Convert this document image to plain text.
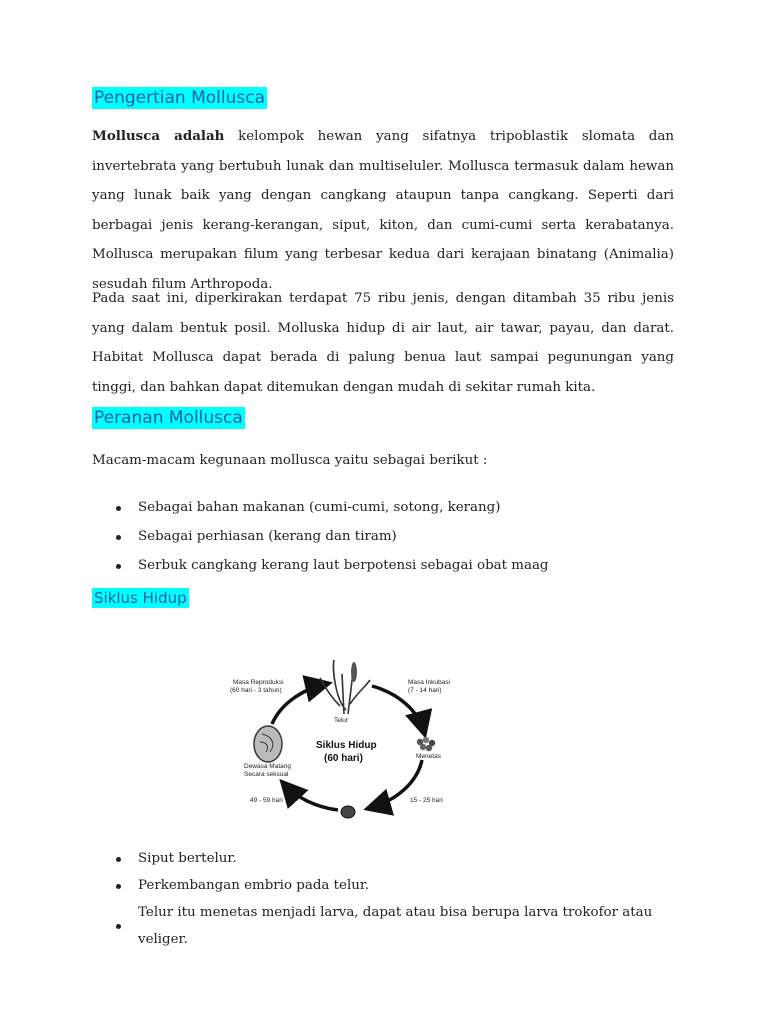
Pengertian Mollusca

Mollusca adalah kelompok hewan yang sifatnya tripoblastik slomata dan invertebrata yang bertubuh lunak dan multiseluler. Mollusca termasuk dalam hewan yang lunak baik yang dengan cangkang ataupun tanpa cangkang. Seperti dari berbagai jenis kerang-kerangan, siput, kiton, dan cumi-cumi serta kerabatanya. Mollusca merupakan filum yang terbesar kedua dari kerajaan binatang (Animalia) sesudah filum Arthropoda.

Pada saat ini, diperkirakan terdapat 75 ribu jenis, dengan ditambah 35 ribu jenis yang dalam bentuk posil. Molluska hidup di air laut, air tawar, payau, dan darat. Habitat Mollusca dapat berada di palung benua laut sampai pegunungan yang tinggi, dan bahkan dapat ditemukan dengan mudah di sekitar rumah kita.

Peranan Mollusca

Macam-macam kegunaan mollusca yaitu sebagai berikut :

Sebagai bahan makanan (cumi-cumi, sotong, kerang)
Sebagai perhiasan (kerang dan tiram)
Serbuk cangkang kerang laut berpotensi sebagai obat maag
Siklus Hidup
Masa Reproduksi
(60 hari - 3 tahun)
Masa Inkubasi
(7 - 14 hari)
Telur
Menetas
Dewasa Matang
Secara seksual
49 - 59 hari	15 - 25 hari
Siklus Hidup
(60 hari)
Siput bertelur.
Perkembangan embrio pada telur.
Telur itu menetas menjadi larva, dapat atau bisa berupa larva trokofor atau veliger.
